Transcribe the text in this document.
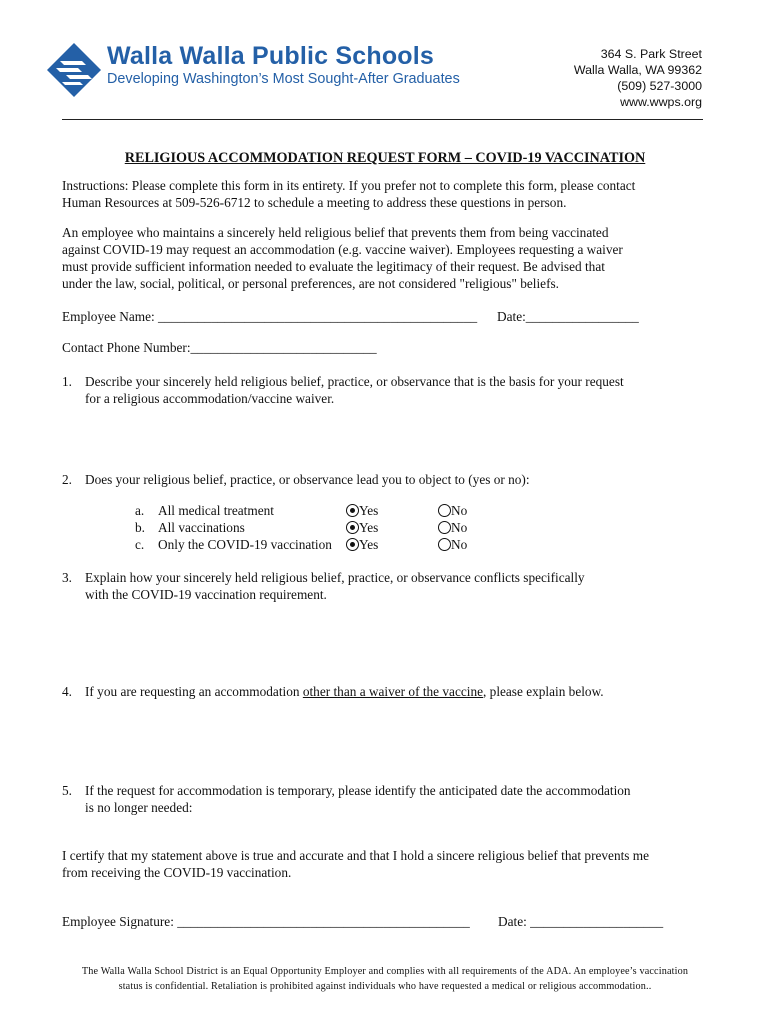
Walla Walla Public Schools
Developing Washington’s Most Sought-After Graduates
364 S. Park Street
Walla Walla, WA 99362
(509) 527-3000
www.wwps.org
RELIGIOUS ACCOMMODATION REQUEST FORM – COVID-19 VACCINATION
Instructions: Please complete this form in its entirety. If you prefer not to complete this form, please contact
Human Resources at 509-526-6712 to schedule a meeting to address these questions in person.
An employee who maintains a sincerely held religious belief that prevents them from being vaccinated
against COVID-19 may request an accommodation (e.g. vaccine waiver). Employees requesting a waiver
must provide sufficient information needed to evaluate the legitimacy of their request. Be advised that
under the law, social, political, or personal preferences, are not considered "religious" beliefs.
Employee Name: ________________________________________________ Date:_________________
Contact Phone Number:____________________________
1. Describe your sincerely held religious belief, practice, or observance that is the basis for your request
for a religious accommodation/vaccine waiver.
2. Does your religious belief, practice, or observance lead you to object to (yes or no):
a. All medical treatment	Yes	No
b. All vaccinations	Yes	No
c. Only the COVID-19 vaccination	Yes	No
3. Explain how your sincerely held religious belief, practice, or observance conflicts specifically
with the COVID-19 vaccination requirement.
4. If you are requesting an accommodation other than a waiver of the vaccine, please explain below.
5. If the request for accommodation is temporary, please identify the anticipated date the accommodation
is no longer needed:
I certify that my statement above is true and accurate and that I hold a sincere religious belief that prevents me
from receiving the COVID-19 vaccination.
Employee Signature: ____________________________________________ Date: ____________________
The Walla Walla School District is an Equal Opportunity Employer and complies with all requirements of the ADA. An employee’s vaccination
status is confidential. Retaliation is prohibited against individuals who have requested a medical or religious accommodation..
